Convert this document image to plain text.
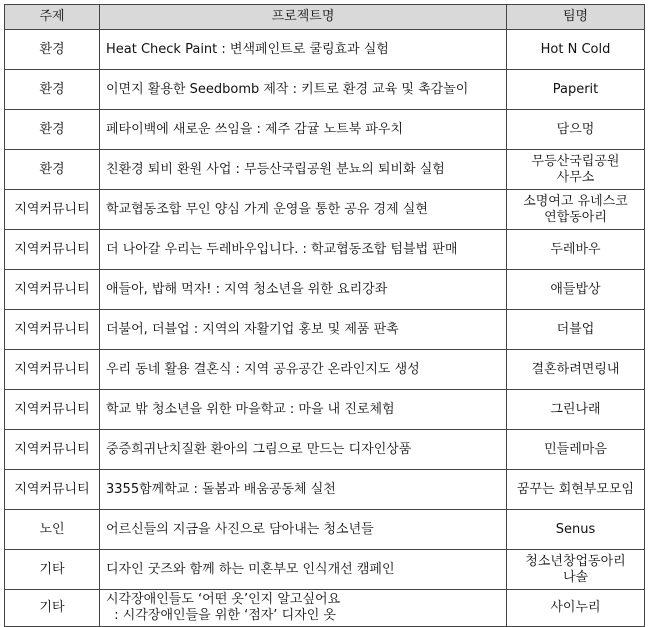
주제	프로젝트명	팀명
환경	Heat Check Paint : 변색페인트로 쿨링효과 실험	Hot N Cold

환경	이면지 활용한 Seedbomb 제작 : 키트로 환경 교육 및 촉감놀이	Paperit

환경	페타이백에 새로운 쓰임을 : 제주 감귤 노트북 파우치	담으멍

환경	친환경 퇴비 환원 사업 : 무등산국립공원 분뇨의 퇴비화 실험	무등산국립공원
사무소

지역커뮤니티	학교협동조합 무인 양심 가게 운영을 통한 공유 경제 실현	소명여고 유네스코
연합동아리

지역커뮤니티	더 나아갈 우리는 두레바우입니다. : 학교협동조합 텀블법 판매	두레바우

지역커뮤니티	애들아, 밥해 먹자! : 지역 청소년을 위한 요리강좌	애들밥상

지역커뮤니티	더불어, 더블업 : 지역의 자활기업 홍보 및 제품 판촉	더블업

지역커뮤니티	우리 동네 활용 결혼식 : 지역 공유공간 온라인지도 생성	결혼하려면링내

지역커뮤니티	학교 밖 청소년을 위한 마을학교 : 마을 내 진로체험	그린나래

지역커뮤니티	중증희귀난치질환 환아의 그림으로 만드는 디자인상품	민들레마음

지역커뮤니티	3355함께학교 : 돌봄과 배움공동체 실천	꿈꾸는 회현부모모임

노인	어르신들의 지금을 사진으로 담아내는 청소년들	Senus

기타	디자인 굿즈와 함께 하는 미혼부모 인식개선 캠페인	청소년창업동아리
나솔

기타	시각장애인들도 ‘어떤 옷’인지 알고싶어요
: 시각장애인들을 위한 ‘점자’ 디자인 옷	사이누리
